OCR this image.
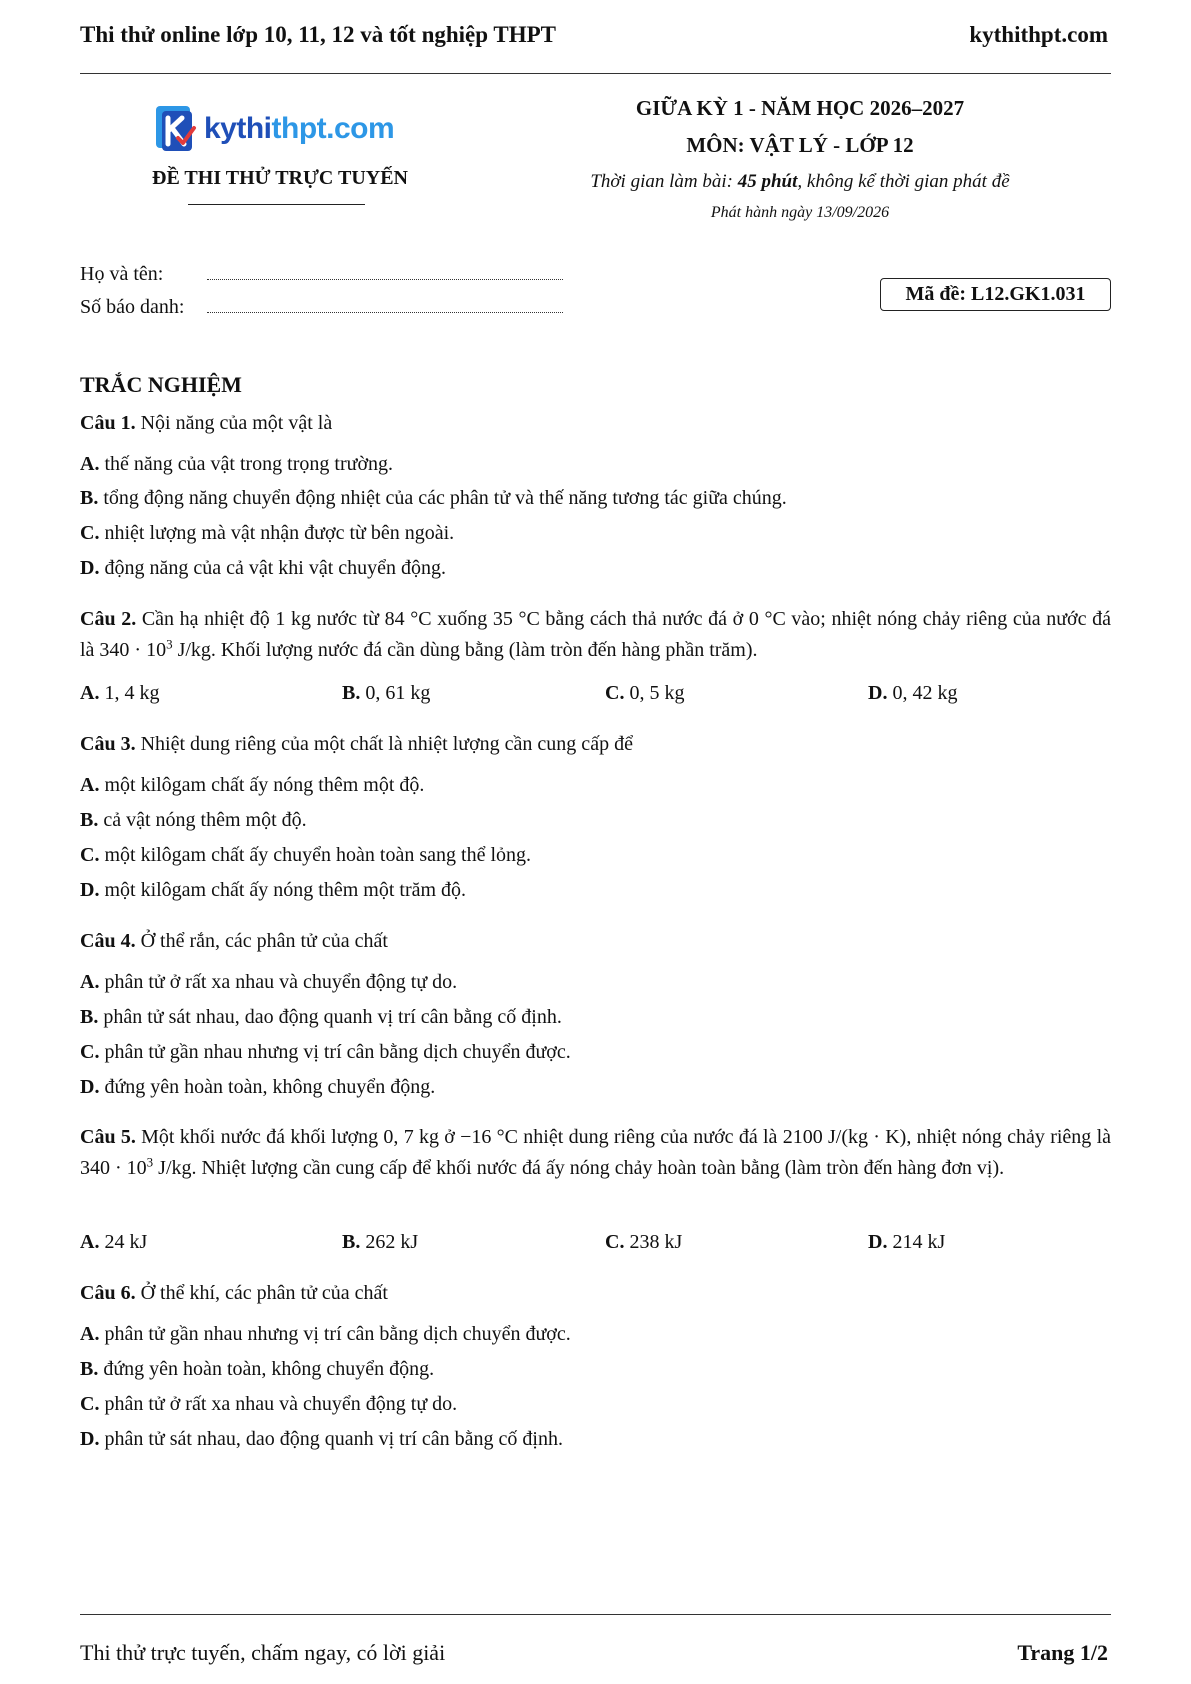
Thi thử online lớp 10, 11, 12 và tốt nghiệp THPT	kythithpt.com
kythithpt.com
ĐỀ THI THỬ TRỰC TUYẾN
GIỮA KỲ 1 - NĂM HỌC 2026–2027
MÔN: VẬT LÝ - LỚP 12
Thời gian làm bài: 45 phút, không kể thời gian phát đề
Phát hành ngày 13/09/2026
Họ và tên:
Số báo danh:
Mã đề: L12.GK1.031
TRẮC NGHIỆM
Câu 1. Nội năng của một vật là
A. thế năng của vật trong trọng trường.
B. tổng động năng chuyển động nhiệt của các phân tử và thế năng tương tác giữa chúng.
C. nhiệt lượng mà vật nhận được từ bên ngoài.
D. động năng của cả vật khi vật chuyển động.
Câu 2. Cần hạ nhiệt độ 1 kg nước từ 84 °C xuống 35 °C bằng cách thả nước đá ở 0 °C vào; nhiệt nóng chảy riêng của nước đá là $340 \cdot 10^3$ J/kg. Khối lượng nước đá cần dùng bằng (làm tròn đến hàng phần trăm).
A. 1, 4 kg	B. 0, 61 kg	C. 0, 5 kg	D. 0, 42 kg
Câu 3. Nhiệt dung riêng của một chất là nhiệt lượng cần cung cấp để
A. một kilôgam chất ấy nóng thêm một độ.
B. cả vật nóng thêm một độ.
C. một kilôgam chất ấy chuyển hoàn toàn sang thể lỏng.
D. một kilôgam chất ấy nóng thêm một trăm độ.
Câu 4. Ở thể rắn, các phân tử của chất
A. phân tử ở rất xa nhau và chuyển động tự do.
B. phân tử sát nhau, dao động quanh vị trí cân bằng cố định.
C. phân tử gần nhau nhưng vị trí cân bằng dịch chuyển được.
D. đứng yên hoàn toàn, không chuyển động.
Câu 5. Một khối nước đá khối lượng 0, 7 kg ở −16 °C nhiệt dung riêng của nước đá là 2100 J/(kg · K), nhiệt nóng chảy riêng là $340 \cdot 10^3$ J/kg. Nhiệt lượng cần cung cấp để khối nước đá ấy nóng chảy hoàn toàn bằng (làm tròn đến hàng đơn vị).
A. 24 kJ	B. 262 kJ	C. 238 kJ	D. 214 kJ
Câu 6. Ở thể khí, các phân tử của chất
A. phân tử gần nhau nhưng vị trí cân bằng dịch chuyển được.
B. đứng yên hoàn toàn, không chuyển động.
C. phân tử ở rất xa nhau và chuyển động tự do.
D. phân tử sát nhau, dao động quanh vị trí cân bằng cố định.
Thi thử trực tuyến, chấm ngay, có lời giải	Trang 1/2
